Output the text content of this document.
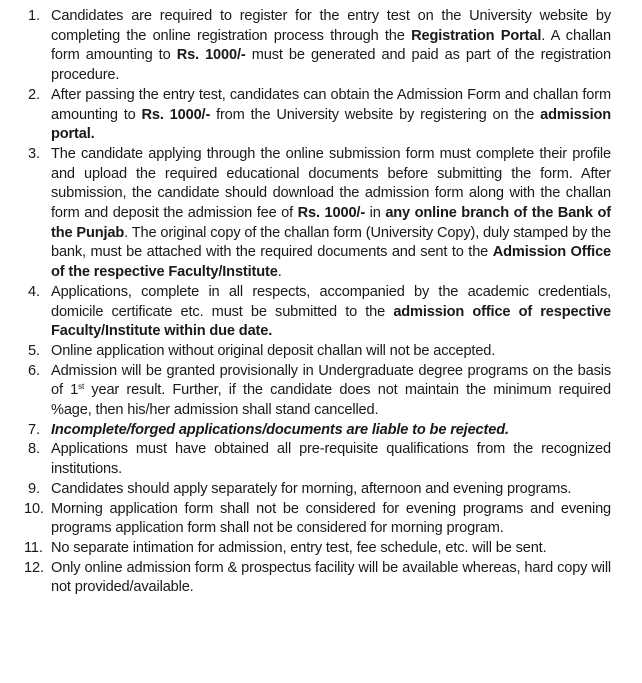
1. Candidates are required to register for the entry test on the University website by completing the online registration process through the Registration Portal. A challan form amounting to Rs. 1000/- must be generated and paid as part of the registration procedure.
2. After passing the entry test, candidates can obtain the Admission Form and challan form amounting to Rs. 1000/- from the University website by registering on the admission portal.
3. The candidate applying through the online submission form must complete their profile and upload the required educational documents before submitting the form. After submission, the candidate should download the admission form along with the challan form and deposit the admission fee of Rs. 1000/- in any online branch of the Bank of the Punjab. The original copy of the challan form (University Copy), duly stamped by the bank, must be attached with the required documents and sent to the Admission Office of the respective Faculty/Institute.
4. Applications, complete in all respects, accompanied by the academic credentials, domicile certificate etc. must be submitted to the admission office of respective Faculty/Institute within due date.
5. Online application without original deposit challan will not be accepted.
6. Admission will be granted provisionally in Undergraduate degree programs on the basis of 1st year result. Further, if the candidate does not maintain the minimum required %age, then his/her admission shall stand cancelled.
7. Incomplete/forged applications/documents are liable to be rejected.
8. Applications must have obtained all pre-requisite qualifications from the recognized institutions.
9. Candidates should apply separately for morning, afternoon and evening programs.
10. Morning application form shall not be considered for evening programs and evening programs application form shall not be considered for morning program.
11. No separate intimation for admission, entry test, fee schedule, etc. will be sent.
12. Only online admission form & prospectus facility will be available whereas, hard copy will not provided/available.
